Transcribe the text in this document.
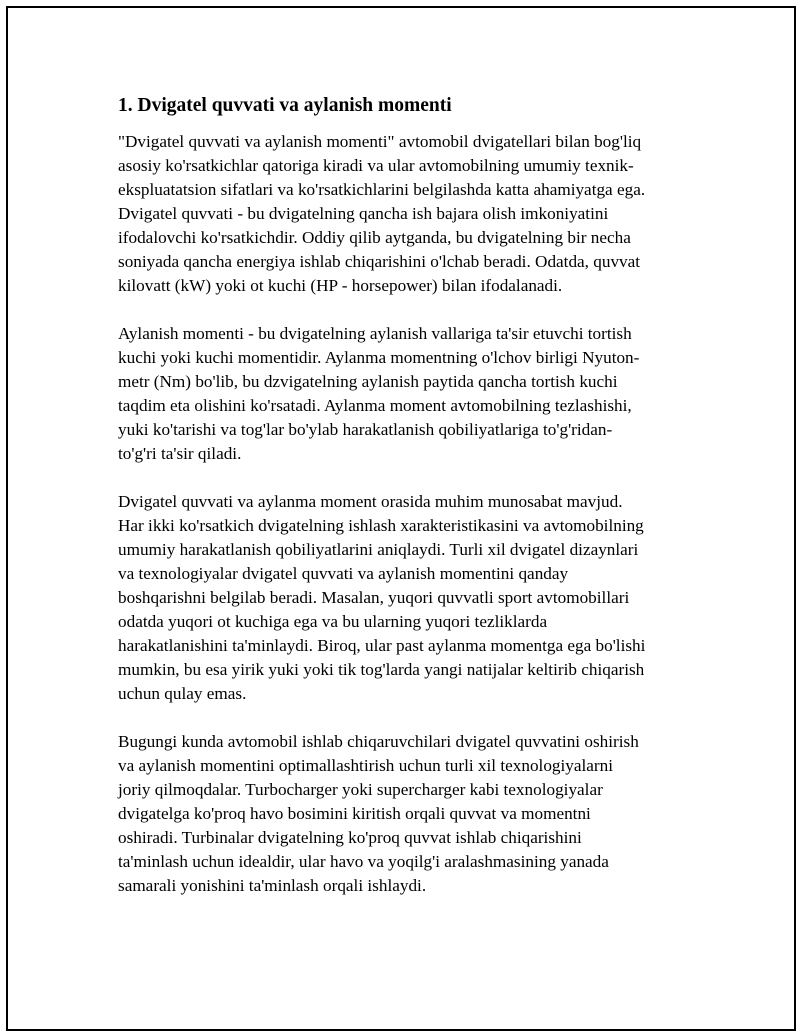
1. Dvigatel quvvati va aylanish momenti

"Dvigatel quvvati va aylanish momenti" avtomobil dvigatellari bilan bog'liq
asosiy ko'rsatkichlar qatoriga kiradi va ular avtomobilning umumiy texnik-
ekspluatatsion sifatlari va ko'rsatkichlarini belgilashda katta ahamiyatga ega.
Dvigatel quvvati - bu dvigatelning qancha ish bajara olish imkoniyatini
ifodalovchi ko'rsatkichdir. Oddiy qilib aytganda, bu dvigatelning bir necha
soniyada qancha energiya ishlab chiqarishini o'lchab beradi. Odatda, quvvat
kilovatt (kW) yoki ot kuchi (HP - horsepower) bilan ifodalanadi.

Aylanish momenti - bu dvigatelning aylanish vallariga ta'sir etuvchi tortish
kuchi yoki kuchi momentidir. Aylanma momentning o'lchov birligi Nyuton-
metr (Nm) bo'lib, bu dzvigatelning aylanish paytida qancha tortish kuchi
taqdim eta olishini ko'rsatadi. Aylanma moment avtomobilning tezlashishi,
yuki ko'tarishi va tog'lar bo'ylab harakatlanish qobiliyatlariga to'g'ridan-
to'g'ri ta'sir qiladi.

Dvigatel quvvati va aylanma moment orasida muhim munosabat mavjud.
Har ikki ko'rsatkich dvigatelning ishlash xarakteristikasini va avtomobilning
umumiy harakatlanish qobiliyatlarini aniqlaydi. Turli xil dvigatel dizaynlari
va texnologiyalar dvigatel quvvati va aylanish momentini qanday
boshqarishni belgilab beradi. Masalan, yuqori quvvatli sport avtomobillari
odatda yuqori ot kuchiga ega va bu ularning yuqori tezliklarda
harakatlanishini ta'minlaydi. Biroq, ular past aylanma momentga ega bo'lishi
mumkin, bu esa yirik yuki yoki tik tog'larda yangi natijalar keltirib chiqarish
uchun qulay emas.

Bugungi kunda avtomobil ishlab chiqaruvchilari dvigatel quvvatini oshirish
va aylanish momentini optimallashtirish uchun turli xil texnologiyalarni
joriy qilmoqdalar. Turbocharger yoki supercharger kabi texnologiyalar
dvigatelga ko'proq havo bosimini kiritish orqali quvvat va momentni
oshiradi. Turbinalar dvigatelning ko'proq quvvat ishlab chiqarishini
ta'minlash uchun idealdir, ular havo va yoqilg'i aralashmasining yanada
samarali yonishini ta'minlash orqali ishlaydi.
